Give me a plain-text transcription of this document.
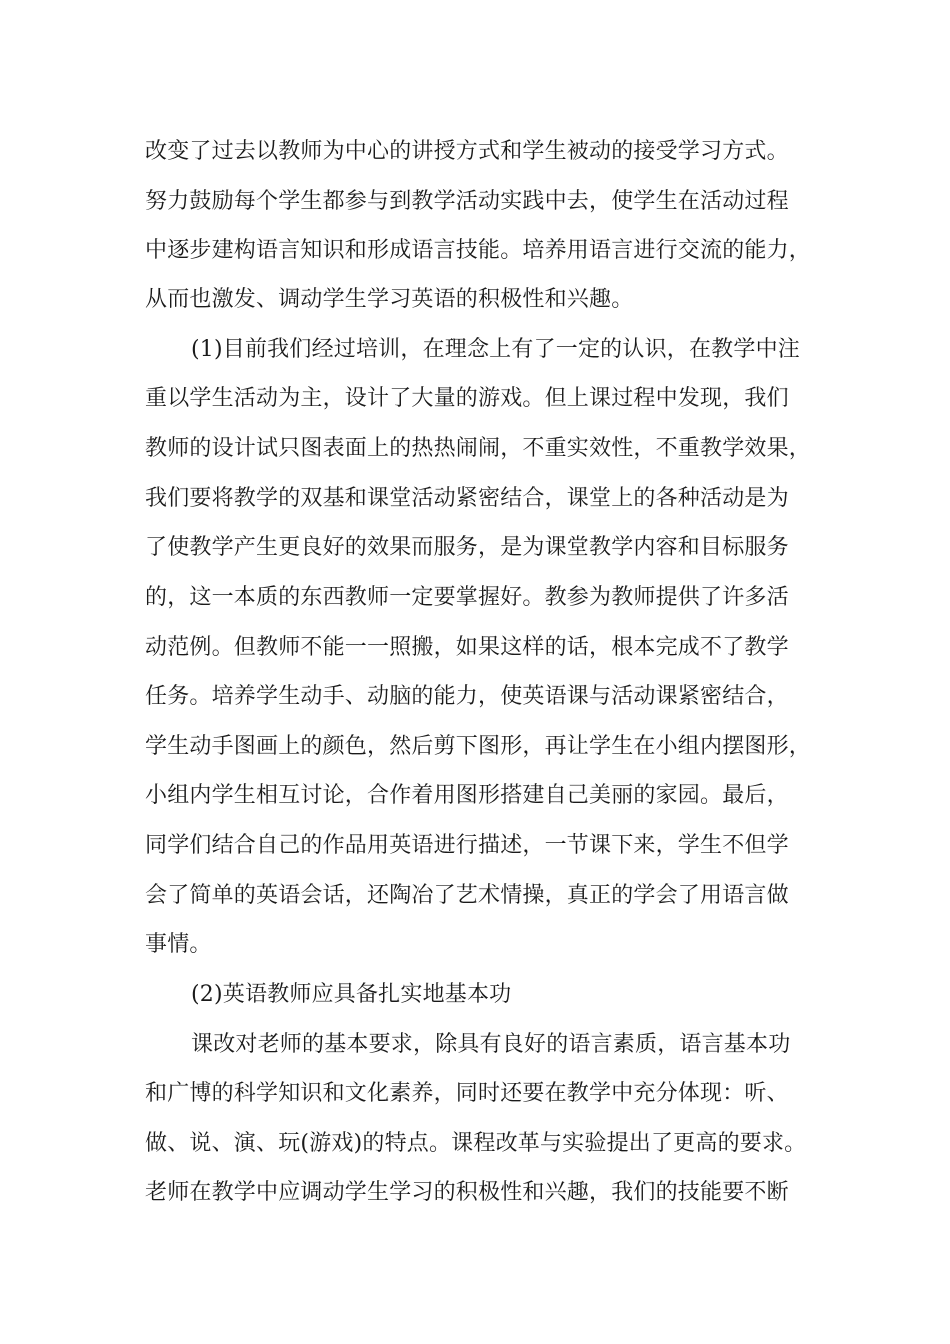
改变了过去以教师为中心的讲授方式和学生被动的接受学习方式。
努力鼓励每个学生都参与到教学活动实践中去，使学生在活动过程
中逐步建构语言知识和形成语言技能。培养用语言进行交流的能力，
从而也激发、调动学生学习英语的积极性和兴趣。
(1)目前我们经过培训，在理念上有了一定的认识，在教学中注
重以学生活动为主，设计了大量的游戏。但上课过程中发现，我们
教师的设计试只图表面上的热热闹闹，不重实效性，不重教学效果，
我们要将教学的双基和课堂活动紧密结合，课堂上的各种活动是为
了使教学产生更良好的效果而服务，是为课堂教学内容和目标服务
的，这一本质的东西教师一定要掌握好。教参为教师提供了许多活
动范例。但教师不能一一照搬，如果这样的话，根本完成不了教学
任务。培养学生动手、动脑的能力，使英语课与活动课紧密结合，
学生动手图画上的颜色，然后剪下图形，再让学生在小组内摆图形，
小组内学生相互讨论，合作着用图形搭建自己美丽的家园。最后，
同学们结合自己的作品用英语进行描述，一节课下来，学生不但学
会了简单的英语会话，还陶冶了艺术情操，真正的学会了用语言做
事情。
(2)英语教师应具备扎实地基本功
课改对老师的基本要求，除具有良好的语言素质，语言基本功
和广博的科学知识和文化素养，同时还要在教学中充分体现：听、
做、说、演、玩(游戏)的特点。课程改革与实验提出了更高的要求。
老师在教学中应调动学生学习的积极性和兴趣，我们的技能要不断
